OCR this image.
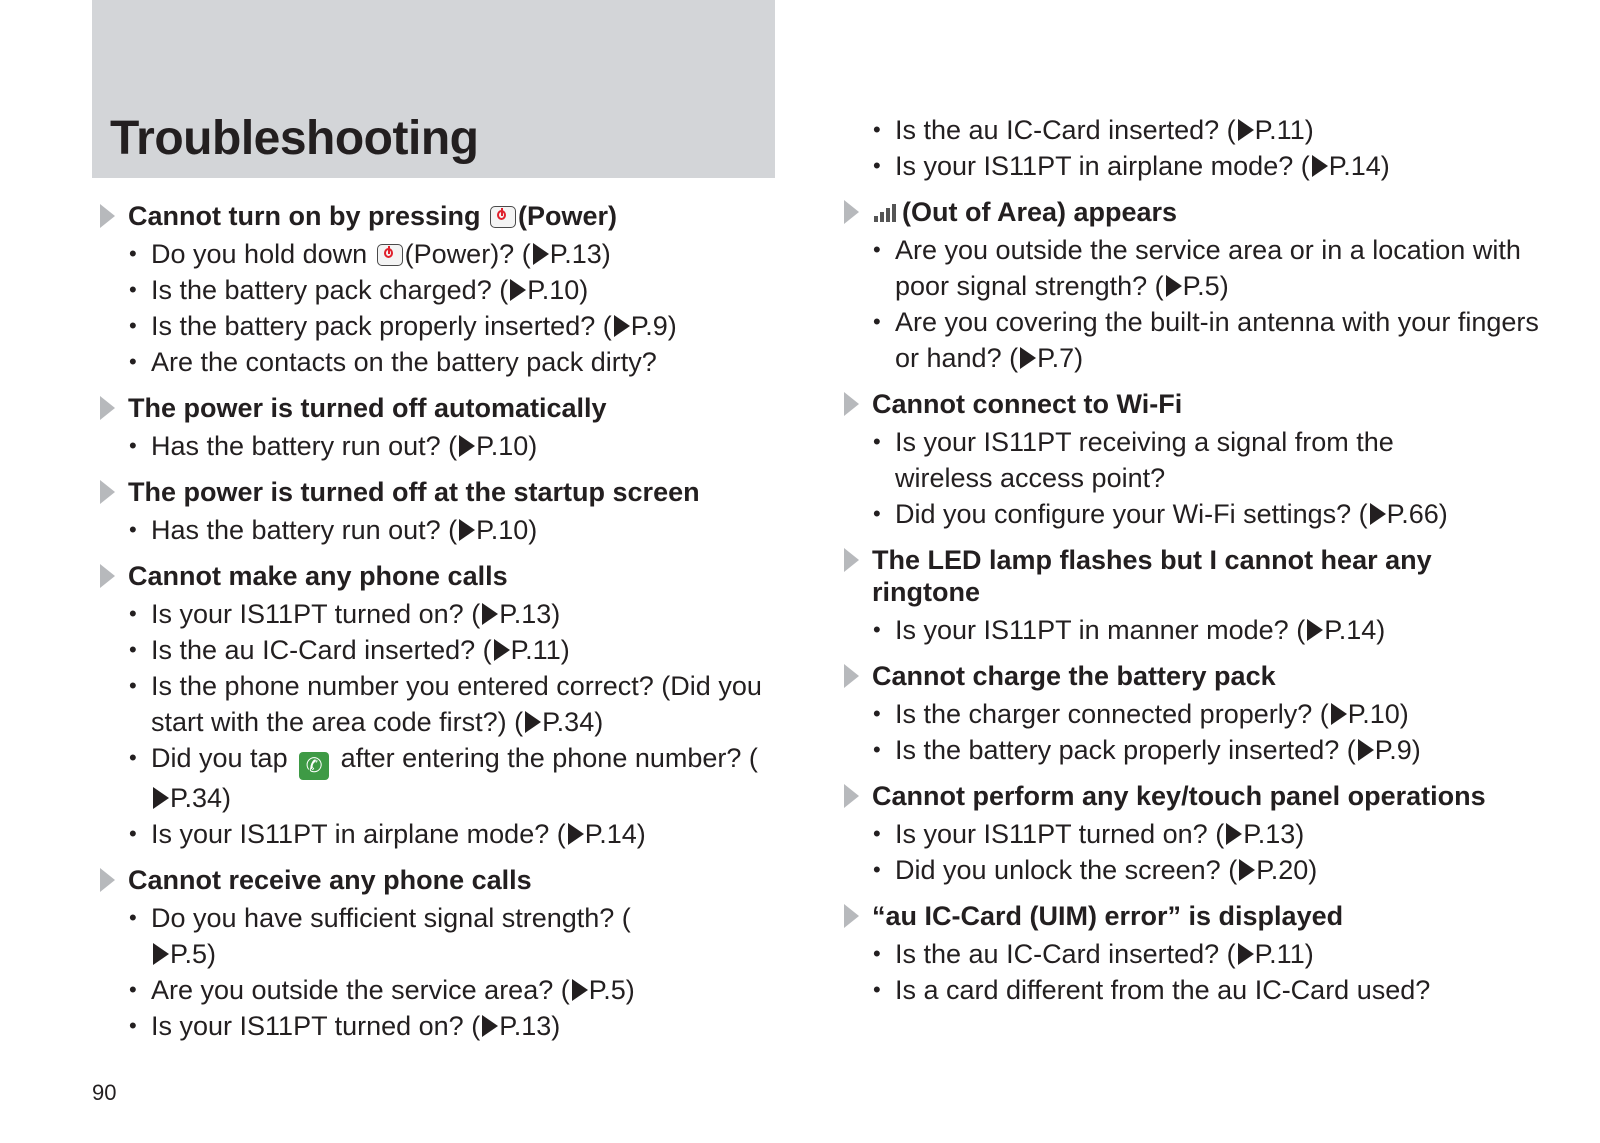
Troubleshooting
Cannot turn on by pressing (Power)
• Do you hold down (Power)? ( P.13)
• Is the battery pack charged? ( P.10)
• Is the battery pack properly inserted? ( P.9)
• Are the contacts on the battery pack dirty?
The power is turned off automatically
• Has the battery run out? ( P.10)
The power is turned off at the startup screen
• Has the battery run out? ( P.10)
Cannot make any phone calls
• Is your IS11PT turned on? ( P.13)
• Is the au IC-Card inserted? ( P.11)
• Is the phone number you entered correct? (Did you start with the area code first?) ( P.34)
• Did you tap ✆ after entering the phone number? (P.34)
• Is your IS11PT in airplane mode? ( P.14)
Cannot receive any phone calls
• Do you have sufficient signal strength? (P.5)
• Are you outside the service area? ( P.5)
• Is your IS11PT turned on? ( P.13)
• Is the au IC-Card inserted? ( P.11)
• Is your IS11PT in airplane mode? ( P.14)
(Out of Area) appears
• Are you outside the service area or in a location with poor signal strength? ( P.5)
• Are you covering the built-in antenna with your fingers or hand? ( P.7)
Cannot connect to Wi-Fi
• Is your IS11PT receiving a signal from the wireless access point?
• Did you configure your Wi-Fi settings? ( P.66)
The LED lamp flashes but I cannot hear any ringtone
• Is your IS11PT in manner mode? ( P.14)
Cannot charge the battery pack
• Is the charger connected properly? ( P.10)
• Is the battery pack properly inserted? ( P.9)
Cannot perform any key/touch panel operations
• Is your IS11PT turned on? ( P.13)
• Did you unlock the screen? ( P.20)
“au IC-Card (UIM) error” is displayed
• Is the au IC-Card inserted? ( P.11)
• Is a card different from the au IC-Card used?
90
